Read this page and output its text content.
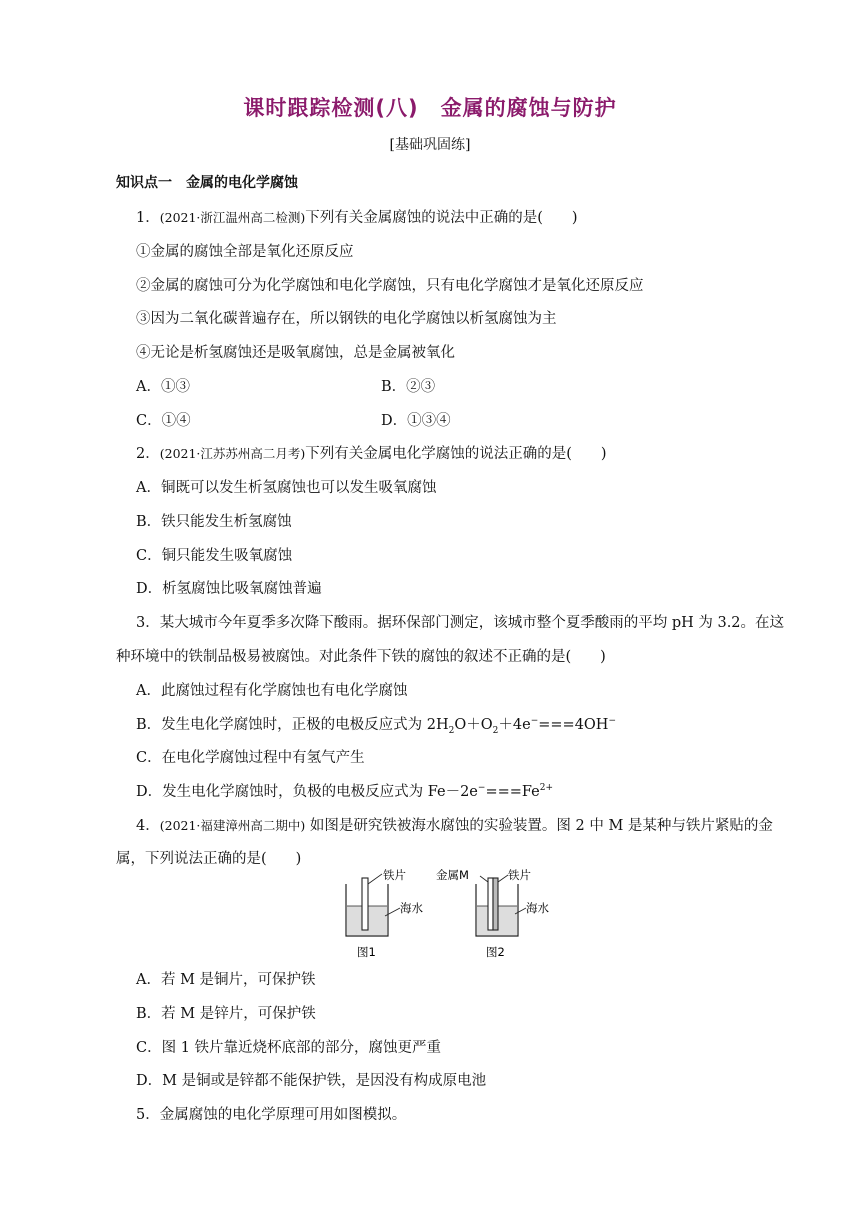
课时跟踪检测(八)　金属的腐蚀与防护
[基础巩固练]
知识点一　金属的电化学腐蚀
1．(2021·浙江温州高二检测)下列有关金属腐蚀的说法中正确的是(　　)
①金属的腐蚀全部是氧化还原反应
②金属的腐蚀可分为化学腐蚀和电化学腐蚀，只有电化学腐蚀才是氧化还原反应
③因为二氧化碳普遍存在，所以钢铁的电化学腐蚀以析氢腐蚀为主
④无论是析氢腐蚀还是吸氧腐蚀，总是金属被氧化
A．①③	B．②③
C．①④	D．①③④
2．(2021·江苏苏州高二月考)下列有关金属电化学腐蚀的说法正确的是(　　)
A．铜既可以发生析氢腐蚀也可以发生吸氧腐蚀
B．铁只能发生析氢腐蚀
C．铜只能发生吸氧腐蚀
D．析氢腐蚀比吸氧腐蚀普遍
3．某大城市今年夏季多次降下酸雨。据环保部门测定，该城市整个夏季酸雨的平均 pH 为 3.2。在这
种环境中的铁制品极易被腐蚀。对此条件下铁的腐蚀的叙述不正确的是(　　)
A．此腐蚀过程有化学腐蚀也有电化学腐蚀
B．发生电化学腐蚀时，正极的电极反应式为 $2H_2O+O_2+4e^-===4OH^-$
C．在电化学腐蚀过程中有氢气产生
D．发生电化学腐蚀时，负极的电极反应式为 $Fe-2e^-===Fe^{2+}$
4．(2021·福建漳州高二期中) 如图是研究铁被海水腐蚀的实验装置。图 2 中 M 是某种与铁片紧贴的金
属，下列说法正确的是(　　)
铁片
海水
图1
金属M	铁片
海水
图2
A．若 M 是铜片，可保护铁
B．若 M 是锌片，可保护铁
C．图 1 铁片靠近烧杯底部的部分，腐蚀更严重
D．M 是铜或是锌都不能保护铁，是因没有构成原电池
5．金属腐蚀的电化学原理可用如图模拟。
